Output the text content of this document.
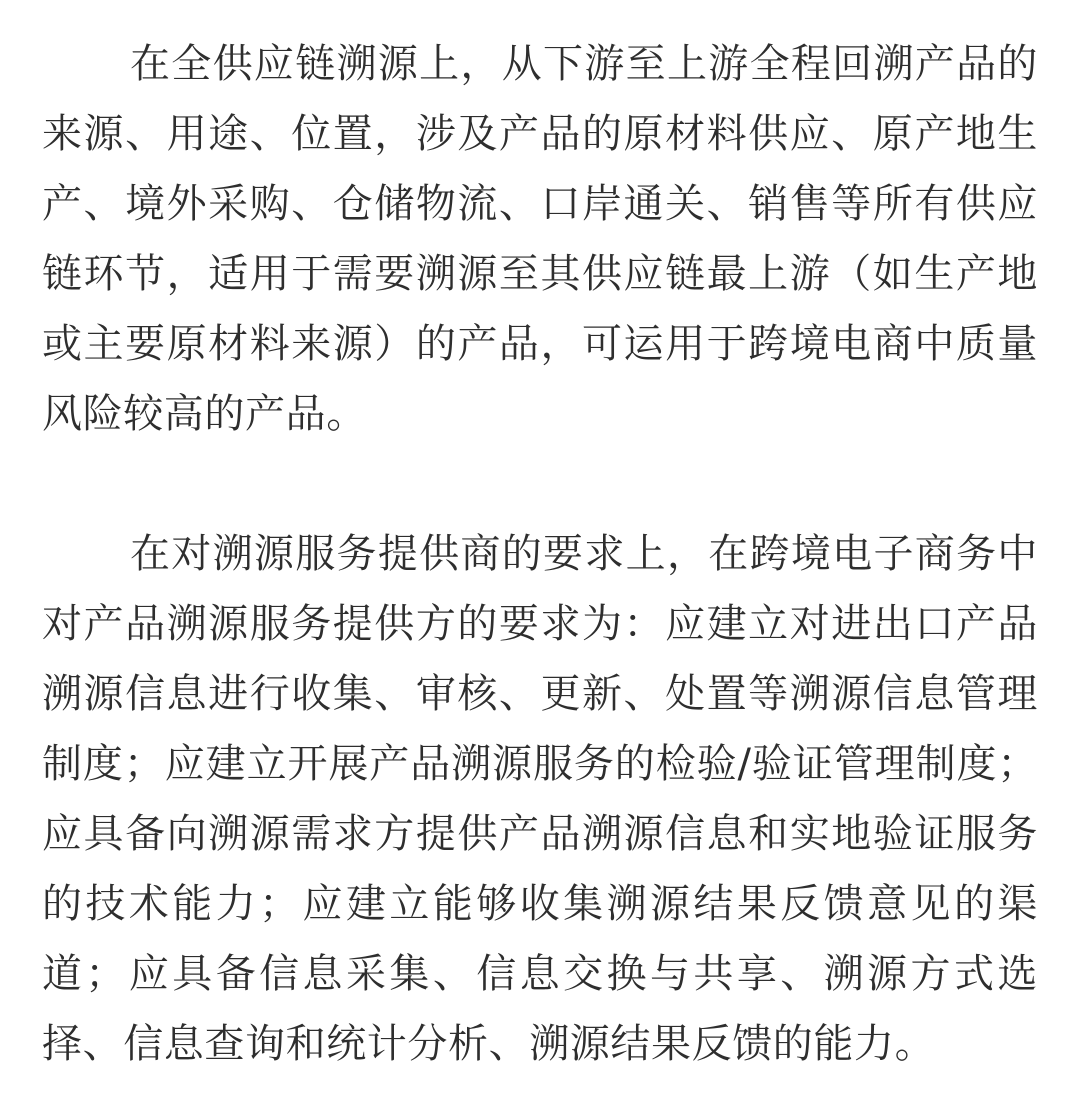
在全供应链溯源上，从下游至上游全程回溯产品的来源、用途、位置，涉及产品的原材料供应、原产地生产、境外采购、仓储物流、口岸通关、销售等所有供应链环节，适用于需要溯源至其供应链最上游（如生产地或主要原材料来源）的产品，可运用于跨境电商中质量风险较高的产品。

在对溯源服务提供商的要求上，在跨境电子商务中对产品溯源服务提供方的要求为：应建立对进出口产品溯源信息进行收集、审核、更新、处置等溯源信息管理制度；应建立开展产品溯源服务的检验/验证管理制度；应具备向溯源需求方提供产品溯源信息和实地验证服务的技术能力；应建立能够收集溯源结果反馈意见的渠道；应具备信息采集、信息交换与共享、溯源方式选择、信息查询和统计分析、溯源结果反馈的能力。
